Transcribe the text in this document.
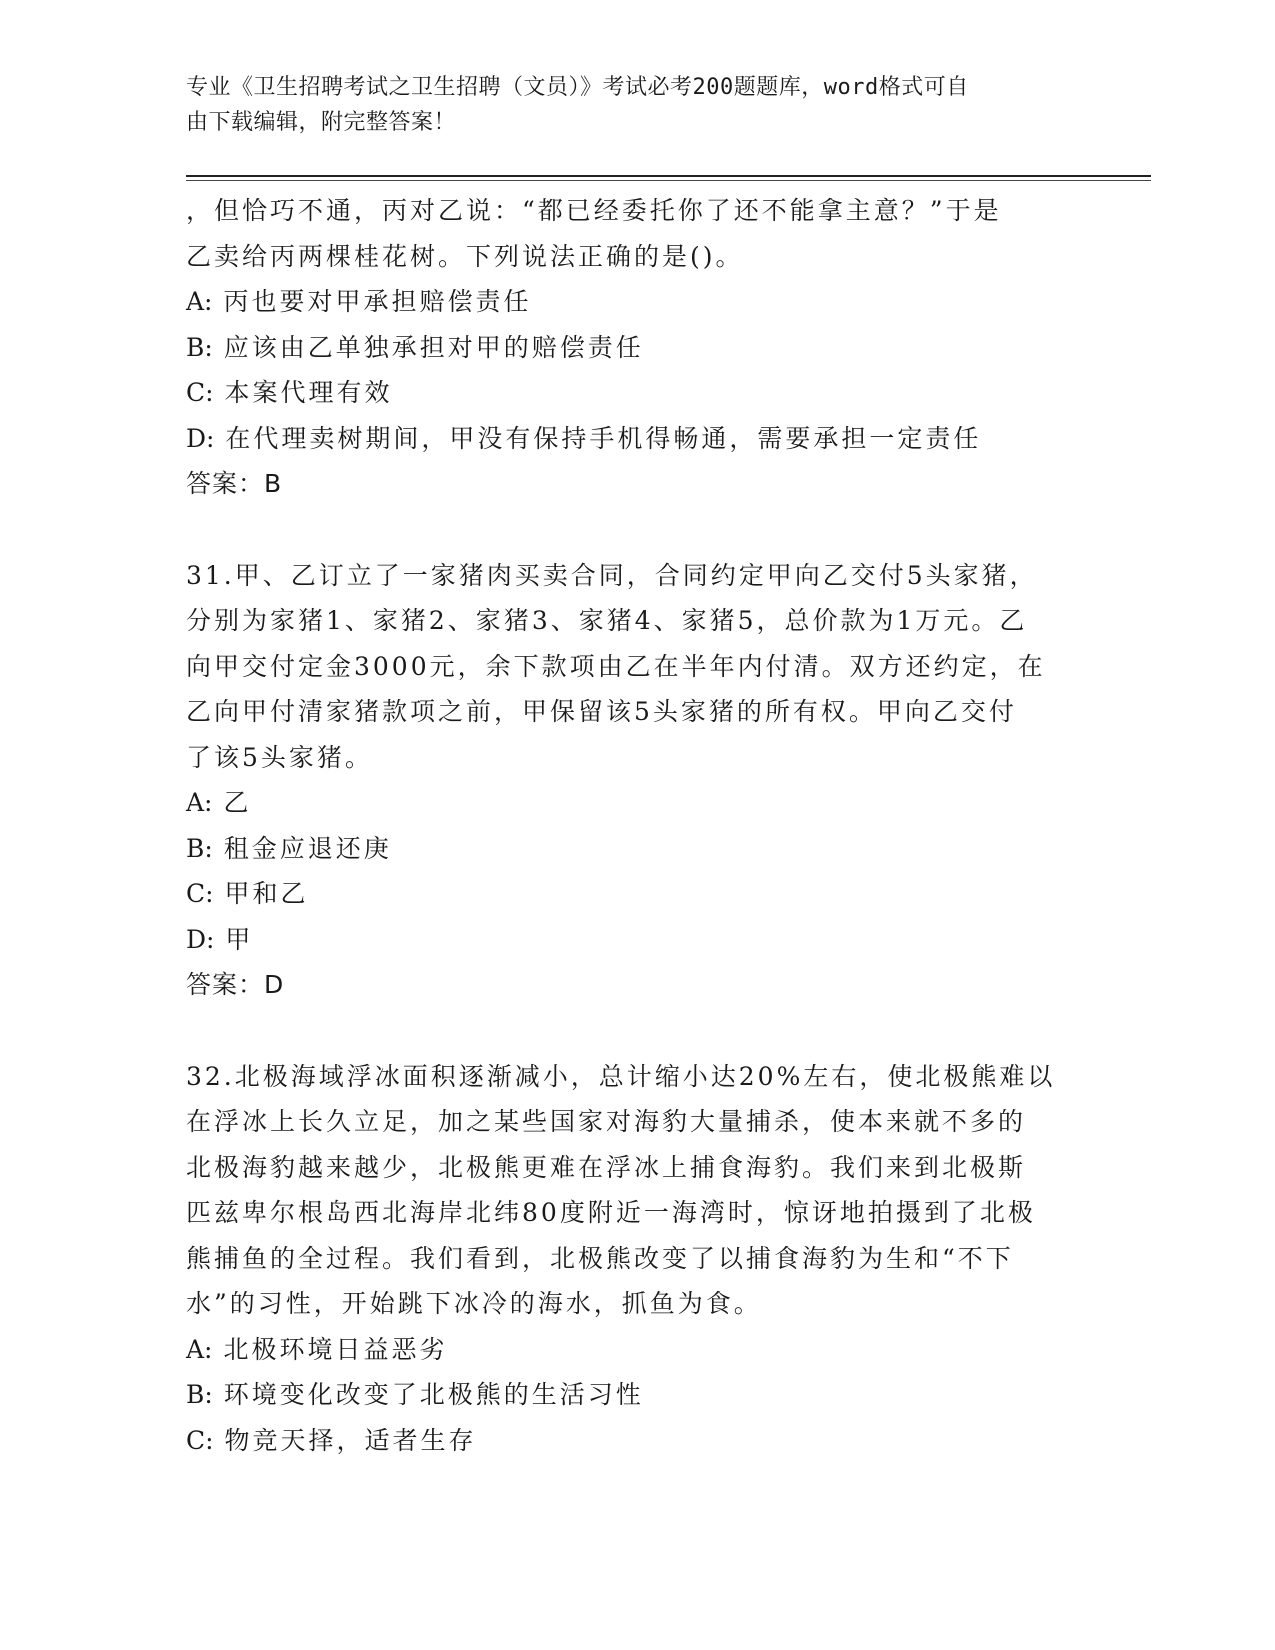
专业《卫生招聘考试之卫生招聘（文员）》考试必考200题题库，word格式可自
由下载编辑，附完整答案！

，但恰巧不通，丙对乙说：“都已经委托你了还不能拿主意？”于是

乙卖给丙两棵桂花树。下列说法正确的是()。

A: 丙也要对甲承担赔偿责任

B: 应该由乙单独承担对甲的赔偿责任

C: 本案代理有效

D: 在代理卖树期间，甲没有保持手机得畅通，需要承担一定责任

答案：B

31.甲、乙订立了一家猪肉买卖合同，合同约定甲向乙交付5头家猪，

分别为家猪1、家猪2、家猪3、家猪4、家猪5，总价款为1万元。乙

向甲交付定金3000元，余下款项由乙在半年内付清。双方还约定，在

乙向甲付清家猪款项之前，甲保留该5头家猪的所有权。甲向乙交付

了该5头家猪。

A: 乙

B: 租金应退还庚

C: 甲和乙

D: 甲

答案：D

32.北极海域浮冰面积逐渐减小，总计缩小达20%左右，使北极熊难以

在浮冰上长久立足，加之某些国家对海豹大量捕杀，使本来就不多的

北极海豹越来越少，北极熊更难在浮冰上捕食海豹。我们来到北极斯

匹兹卑尔根岛西北海岸北纬80度附近一海湾时，惊讶地拍摄到了北极

熊捕鱼的全过程。我们看到，北极熊改变了以捕食海豹为生和“不下

水”的习性，开始跳下冰冷的海水，抓鱼为食。

A: 北极环境日益恶劣

B: 环境变化改变了北极熊的生活习性

C: 物竞天择，适者生存
